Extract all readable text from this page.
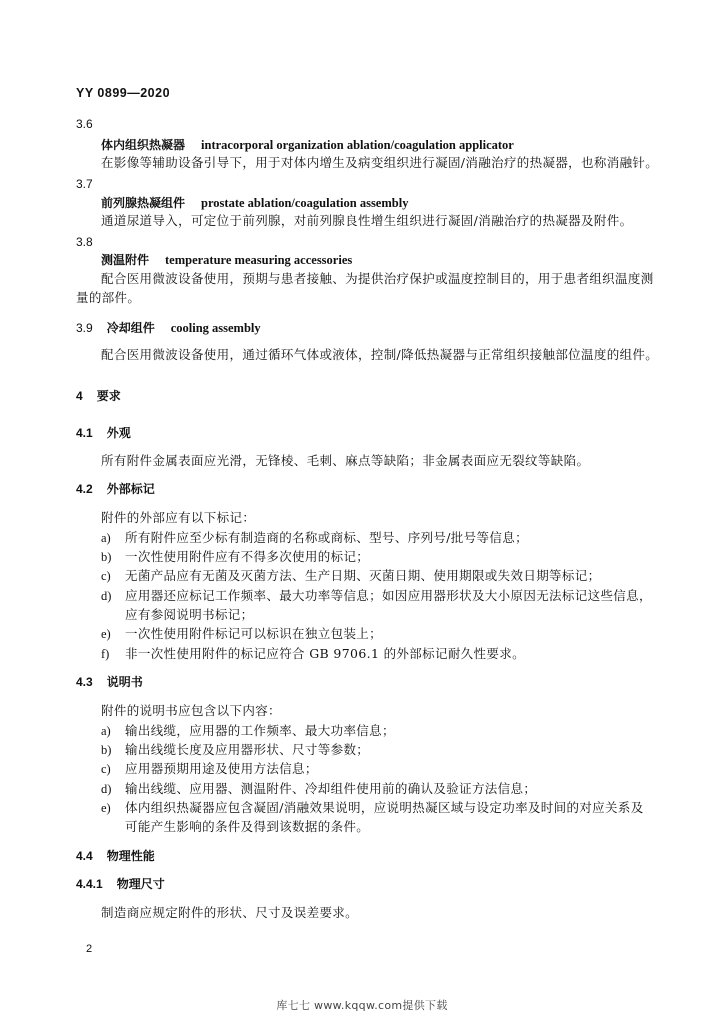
YY 0899—2020
3.6
体内组织热凝器 intracorporal organization ablation/coagulation applicator
在影像等辅助设备引导下，用于对体内增生及病变组织进行凝固/消融治疗的热凝器，也称消融针。
3.7
前列腺热凝组件 prostate ablation/coagulation assembly
通道尿道导入，可定位于前列腺，对前列腺良性增生组织进行凝固/消融治疗的热凝器及附件。
3.8
测温附件 temperature measuring accessories
配合医用微波设备使用，预期与患者接触、为提供治疗保护或温度控制目的，用于患者组织温度测
量的部件。
3.9 冷却组件 cooling assembly
配合医用微波设备使用，通过循环气体或液体，控制/降低热凝器与正常组织接触部位温度的组件。
4 要求
4.1 外观
所有附件金属表面应光滑，无锋棱、毛刺、麻点等缺陷；非金属表面应无裂纹等缺陷。
4.2 外部标记
附件的外部应有以下标记：
a) 所有附件应至少标有制造商的名称或商标、型号、序列号/批号等信息；
b) 一次性使用附件应有不得多次使用的标记；
c) 无菌产品应有无菌及灭菌方法、生产日期、灭菌日期、使用期限或失效日期等标记；
d) 应用器还应标记工作频率、最大功率等信息；如因应用器形状及大小原因无法标记这些信息，
应有参阅说明书标记；
e) 一次性使用附件标记可以标识在独立包装上；
f) 非一次性使用附件的标记应符合 GB 9706.1 的外部标记耐久性要求。
4.3 说明书
附件的说明书应包含以下内容：
a) 输出线缆，应用器的工作频率、最大功率信息；
b) 输出线缆长度及应用器形状、尺寸等参数；
c) 应用器预期用途及使用方法信息；
d) 输出线缆、应用器、测温附件、冷却组件使用前的确认及验证方法信息；
e) 体内组织热凝器应包含凝固/消融效果说明，应说明热凝区域与设定功率及时间的对应关系及
可能产生影响的条件及得到该数据的条件。
4.4 物理性能
4.4.1 物理尺寸
制造商应规定附件的形状、尺寸及误差要求。
2
库七七 www.kqqw.com提供下载
